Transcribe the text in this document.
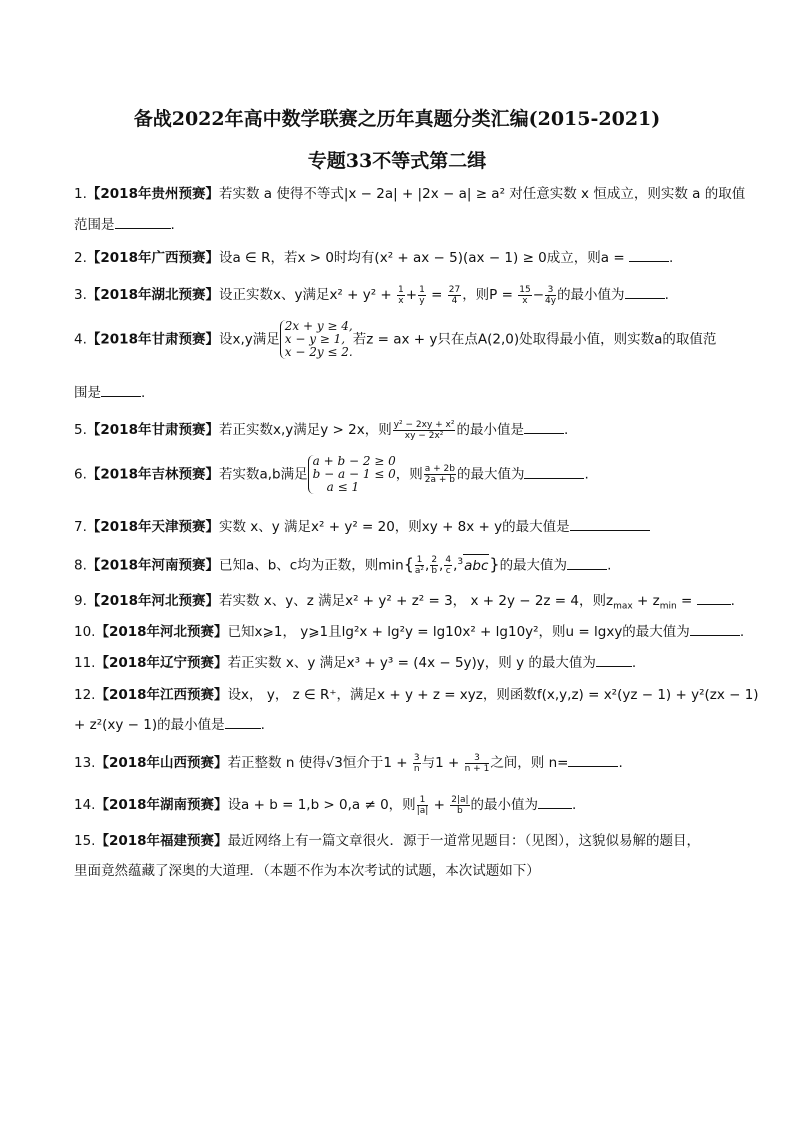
备战2022年高中数学联赛之历年真题分类汇编(2015-2021)
专题33不等式第二缉
1.【2018年贵州预赛】若实数 a 使得不等式|x − 2a| + |2x − a| ≥ a² 对任意实数 x 恒成立，则实数 a 的取值
范围是	.
2.【2018年广西预赛】设a ∈ R，若x > 0时均有(x² + ax − 5)(ax − 1) ≥ 0成立，则a =	.
3.【2018年湖北预赛】设正实数x、y满足$x^2 + y^2 + \frac{1}{x} + \frac{1}{y} = \frac{27}{4}$ ，则$P = \frac{15}{x} - \frac{3}{4y}$ 的最小值为	.
4.【2018年甘肃预赛】设x,y满足
2x + y ≥ 4,
x − y ≥ 1,
x − 2y ≤ 2.
若z = ax + y只在点A(2,0)处取得最小值，则实数a的取值范
围是	.
5.【2018年甘肃预赛】若正实数x,y满足y > 2x，则 $\frac{\text{y² − 2xy + x²}}{\text{xy − 2x²}}$ 的最小值是	.
6.【2018年吉林预赛】若实数a,b满足
a + b − 2 ≥ 0
b − a − 1 ≤ 0
a ≤ 1
，则 $\frac{a + 2b}{2a + b}$ 的最大值为	.
7.【2018年天津预赛】实数 x、y 满足x² + y² = 20，则xy + 8x + y的最大值是
8.【2018年河南预赛】已知a、b、c均为正数，则$\min\{ \frac{1}{\text{a²}}$ , $\frac{2}{b}$ , $\frac{4}{c} ,^3abc$}的最大值为	.
9.【2018年河北预赛】若实数 x、y、z 满足x² + y² + z² = 3， x + 2y − 2z = 4，则$z_{max} + z_{min}$ =	.
10.【2018年河北预赛】已知x⩾1， y⩾1且lg²x + lg²y = lg10x² + lg10y²，则u = lgxy的最大值为	.
11.【2018年辽宁预赛】若正实数 x、y 满足x³ + y³ = (4x − 5y)y，则 y 的最大值为	.
12.【2018年江西预赛】设x， y， z ∈ R⁺，满足x + y + z = xyz，则函数f(x,y,z) = x²(yz − 1) + y²(zx − 1)
+ z²(xy − 1)的最小值是	.
13.【2018年山西预赛】若正整数 n 使得√3恒介于$1 + \frac{3}{n}$ 与$1 + \frac{3}{n + 1}$ 之间，则 n=	.
14.【2018年湖南预赛】设a + b = 1,b > 0,a ≠ 0，则 $\frac{1}{|a|} + \frac{2|a|}{b}$ 的最小值为	.
15.【2018年福建预赛】最近网络上有一篇文章很火．源于一道常见题目：（见图），这貌似易解的题目，
里面竟然蕴藏了深奥的大道理．（本题不作为本次考试的试题，本次试题如下）
